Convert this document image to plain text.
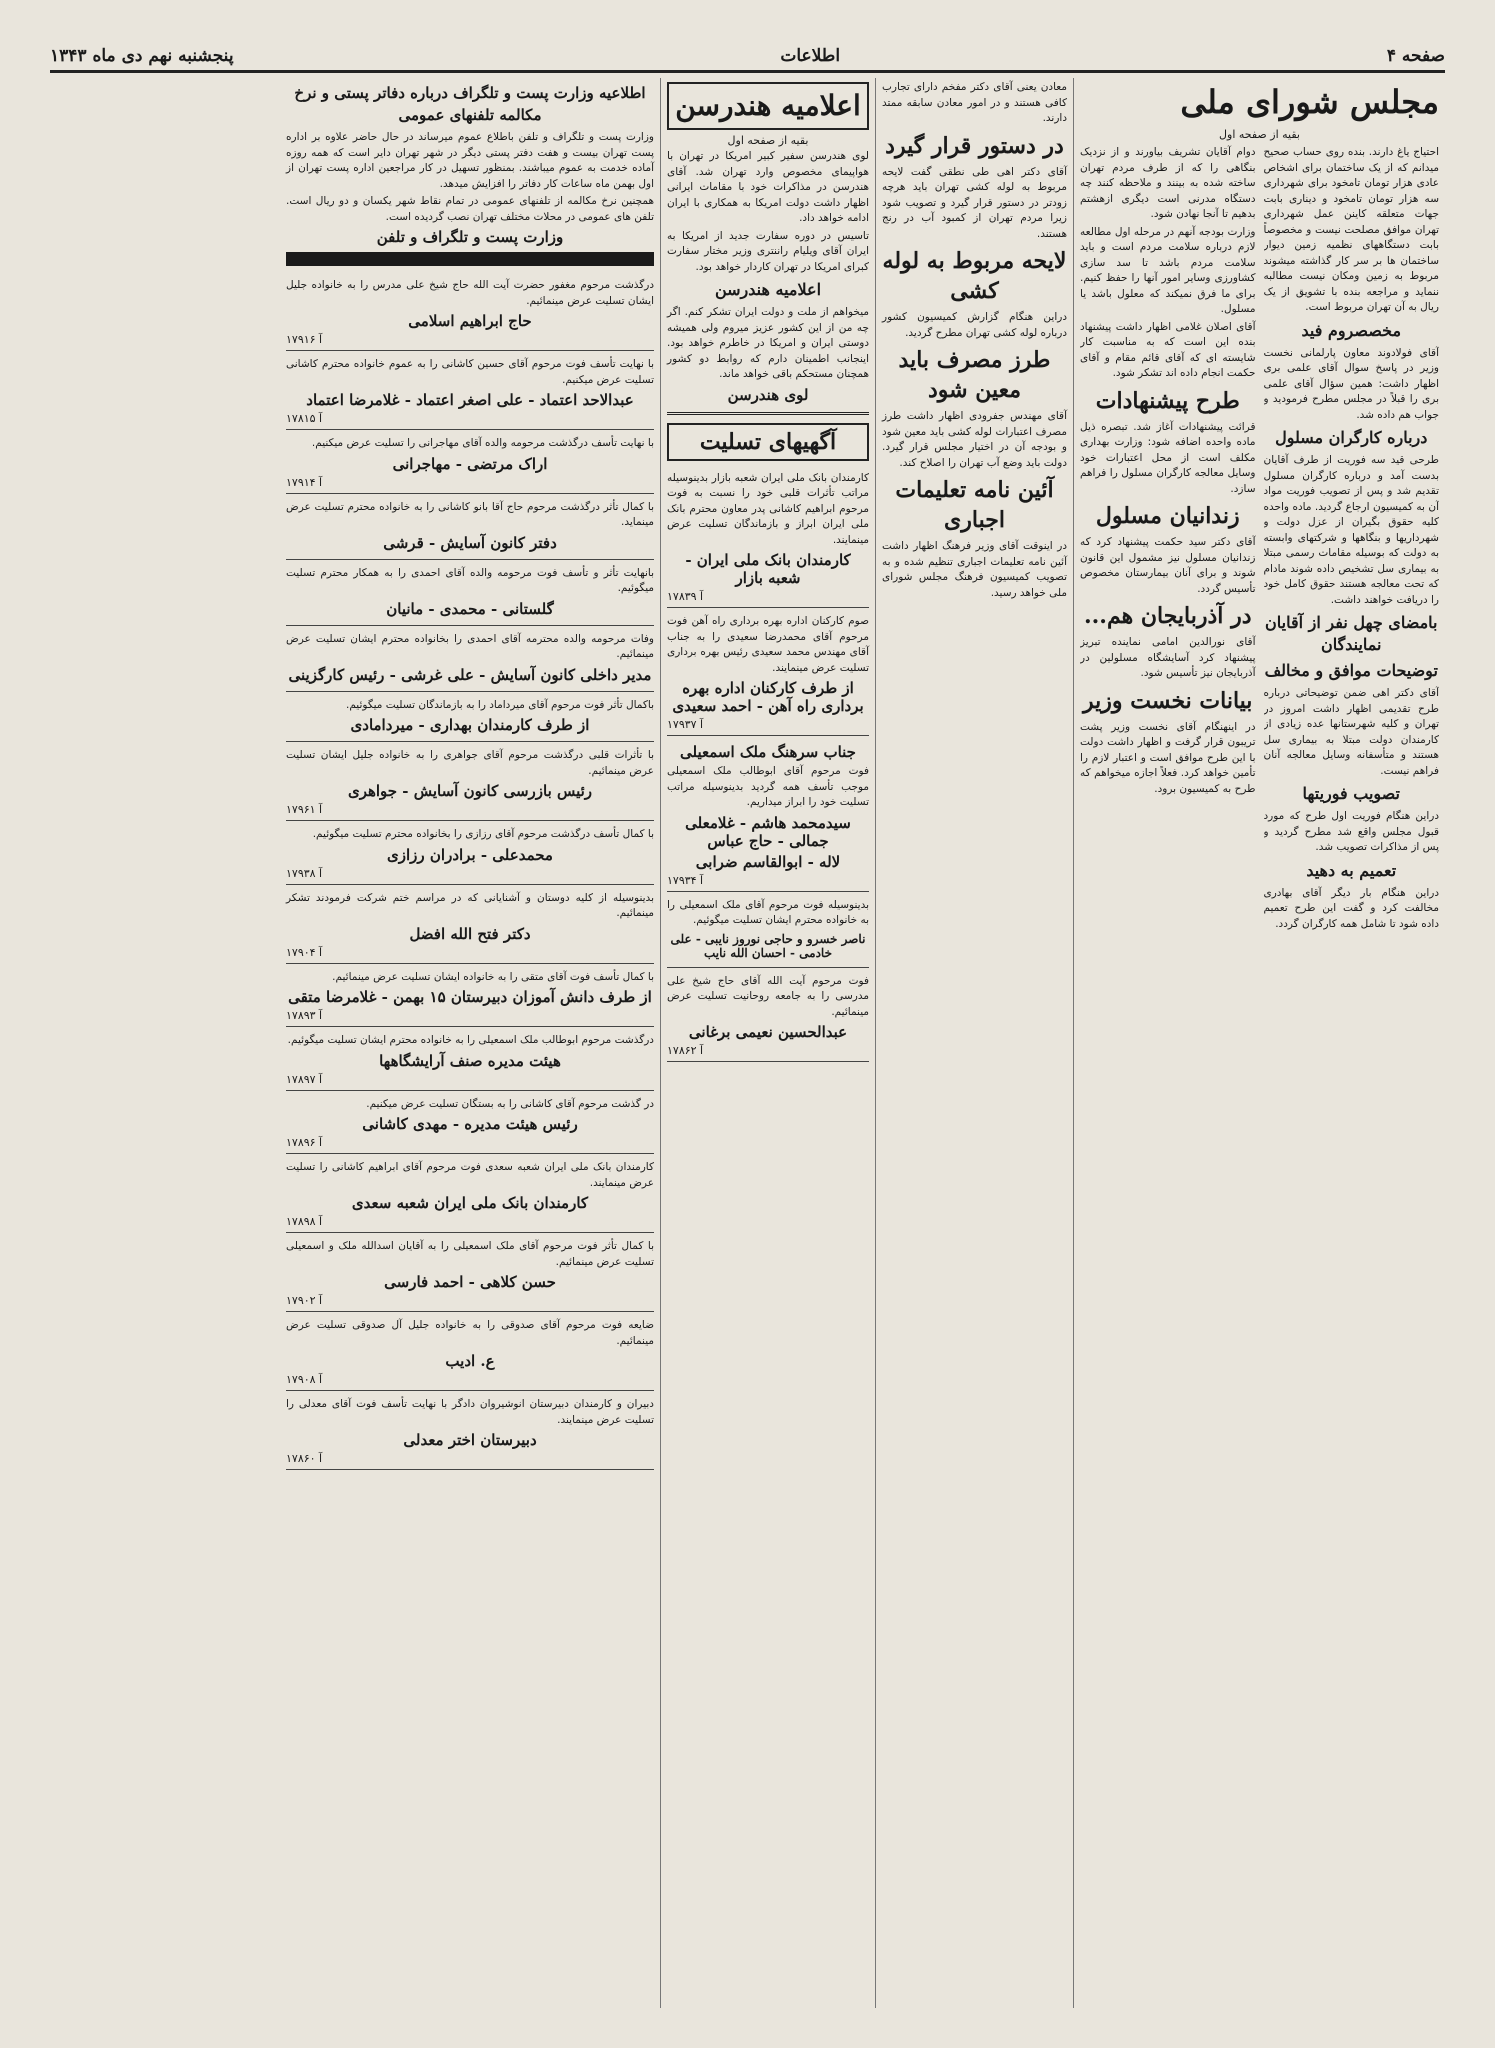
صفحه ۴
اطلاعات
پنجشنبه نهم دی ماه ۱۳۴۳
مجلس شورای ملی
بقیه از صفحه اول

احتیاج یاغ دارند. بنده روی حساب صحیح میدانم که از یک ساختمان برای اشخاص عادی هزار تومان تامخود برای شهرداری سه هزار تومان تامخود و دیناری بابت جهات متعلقه کاینن عمل شهرداری تهران موافق مصلحت نیست و مخصوصاً بابت دستگاههای نظمیه زمین دیوار ساختمان ها بر سر کار گذاشته میشوند مربوط به زمین ومکان نیست مطالبه ننماید و مراجعه بنده با تشویق از یک ریال به آن تهران مربوط است.

مخصصروم فید

آقای فولادوند معاون پارلمانی نخست وزیر در پاسخ سوال آقای علمی بری اظهار داشت: همین سؤال آقای علمی بری را قبلاً در مجلس مطرح فرمودید و جواب هم داده شد.

درباره کارگران مسلول

طرحی قید سه فوریت از طرف آقایان بدست آمد و درباره کارگران مسلول تقدیم شد و پس از تصویب فوریت مواد آن به کمیسیون ارجاع گردید. ماده واحده کلیه حقوق بگیران از عزل دولت و شهرداریها و بنگاهها و شرکتهای وابسته به دولت که بوسیله مقامات رسمی مبتلا به بیماری سل تشخیص داده شوند مادام که تحت معالجه هستند حقوق کامل خود را دریافت خواهند داشت.

بامضای چهل نفر از آقایان نمایندگان
توضیحات موافق و مخالف

آقای دکتر اهی ضمن توضیحاتی درباره طرح تقدیمی اظهار داشت امروز در تهران و کلیه شهرستانها عده زیادی از کارمندان دولت مبتلا به بیماری سل هستند و متأسفانه وسایل معالجه آنان فراهم نیست.

تصویب فوریتها

دراین هنگام فوریت اول طرح که مورد قبول مجلس واقع شد مطرح گردید و پس از مذاکرات تصویب شد.

تعمیم به دهید

دراین هنگام بار دیگر آقای بهادری مخالفت کرد و گفت این طرح تعمیم داده شود تا شامل همه کارگران گردد.

دوام آقایان تشریف بیاورند و از نزدیک بنگاهی را که از طرف مردم تهران ساخته شده به بینند و ملاحظه کنند چه دستگاه مدرنی است دیگری ازهشتم بدهیم تا آنجا نهادن شود.

وزارت بودجه آنهم در مرحله اول مطالعه لازم درباره سلامت مردم است و باید سلامت مردم باشد تا سد سازی کشاورزی وسایر امور آنها را حفظ کنیم. برای ما فرق نمیکند که معلول باشد یا مسلول.

آقای اصلان غلامی اظهار داشت پیشنهاد بنده این است که به مناسبت کار شایسته ای که آقای قائم مقام و آقای حکمت انجام داده اند تشکر شود.

طرح پیشنهادات

قرائت پیشنهادات آغاز شد. تبصره ذیل ماده واحده اضافه شود: وزارت بهداری مکلف است از محل اعتبارات خود وسایل معالجه کارگران مسلول را فراهم سازد.

زندانیان مسلول

آقای دکتر سید حکمت پیشنهاد کرد که زندانیان مسلول نیز مشمول این قانون شوند و برای آنان بیمارستان مخصوص تأسیس گردد.

در آذربایجان هم...

آقای نورالدین امامی نماینده تبریز پیشنهاد کرد آسایشگاه مسلولین در آذربایجان نیز تأسیس شود.

بیانات نخست وزیر

در اینهنگام آقای نخست وزیر پشت تریبون قرار گرفت و اظهار داشت دولت با این طرح موافق است و اعتبار لازم را تأمین خواهد کرد. فعلاً اجازه میخواهم که طرح به کمیسیون برود.

معادن یعنی آقای دکتر مفخم دارای تجارب کافی هستند و در امور معادن سابقه ممتد دارند.

در دستور قرار گیرد

آقای دکتر اهی طی نطقی گفت لایحه مربوط به لوله کشی تهران باید هرچه زودتر در دستور قرار گیرد و تصویب شود زیرا مردم تهران از کمبود آب در رنج هستند.

لایحه مربوط به لوله کشی

دراین هنگام گزارش کمیسیون کشور درباره لوله کشی تهران مطرح گردید.

طرز مصرف باید معین شود

آقای مهندس جفرودی اظهار داشت طرز مصرف اعتبارات لوله کشی باید معین شود و بودجه آن در اختیار مجلس قرار گیرد. دولت باید وضع آب تهران را اصلاح کند.

آئین نامه تعلیمات اجباری

در اینوقت آقای وزیر فرهنگ اظهار داشت آئین نامه تعلیمات اجباری تنظیم شده و به تصویب کمیسیون فرهنگ مجلس شورای ملی خواهد رسید.

اعلامیه هندرسن
بقیه از صفحه اول

لوی هندرسن سفیر کبیر امریکا در تهران با هواپیمای مخصوص وارد تهران شد. آقای هندرسن در مذاکرات خود با مقامات ایرانی اظهار داشت دولت امریکا به همکاری با ایران ادامه خواهد داد.

تاسیس در دوره سفارت جدید از امریکا به ایران آقای ویلیام راننتری وزیر مختار سفارت کبرای امریکا در تهران کاردار خواهد بود.

اعلامیه هندرسن

میخواهم از ملت و دولت ایران تشکر کنم. اگر چه من از این کشور عزیز میروم ولی همیشه دوستی ایران و امریکا در خاطرم خواهد بود. اینجانب اطمینان دارم که روابط دو کشور همچنان مستحکم باقی خواهد ماند.

لوی هندرسن
آگهیهای تسلیت

کارمندان بانک ملی ایران شعبه بازار بدینوسیله مراتب تأثرات قلبی خود را نسبت به فوت مرحوم ابراهیم کاشانی پدر معاون محترم بانک ملی ایران ابراز و بازماندگان تسلیت عرض مینمایند.

کارمندان بانک ملی ایران - شعبه بازار
۱۷۸۳۹ آ

صوم کارکنان اداره بهره برداری راه آهن فوت مرحوم آقای محمدرضا سعیدی را به جناب آقای مهندس محمد سعیدی رئیس بهره برداری تسلیت عرض مینمایند.

از طرف کارکنان اداره بهره برداری راه آهن - احمد سعیدی
۱۷۹۳۷ آ
جناب سرهنگ ملک اسمعیلی

فوت مرحوم آقای ابوطالب ملک اسمعیلی موجب تأسف همه گردید بدینوسیله مراتب تسلیت خود را ابراز میداریم.

سیدمحمد هاشم - غلامعلی جمالی - حاج عباس
لاله - ابوالقاسم ضرابی
۱۷۹۳۴ آ

بدینوسیله فوت مرحوم آقای ملک اسمعیلی را به خانواده محترم ایشان تسلیت میگوئیم.

ناصر خسرو و حاجی نوروز نایبی - علی خادمی - احسان الله نایب

فوت مرحوم آیت الله آقای حاج شیخ علی مدرسی را به جامعه روحانیت تسلیت عرض مینمائیم.

عبدالحسین نعیمی برغانی
۱۷۸۶۲ آ
اطلاعیه وزارت پست و تلگراف درباره دفاتر پستی و نرخ مکالمه تلفنهای عمومی

وزارت پست و تلگراف و تلفن باطلاع عموم میرساند در حال حاضر علاوه بر اداره پست تهران بیست و هفت دفتر پستی دیگر در شهر تهران دایر است که همه روزه آماده خدمت به عموم میباشند. بمنظور تسهیل در کار مراجعین اداره پست تهران از اول بهمن ماه ساعات کار دفاتر را افزایش میدهد.

همچنین نرخ مکالمه از تلفنهای عمومی در تمام نقاط شهر یکسان و دو ریال است. تلفن های عمومی در محلات مختلف تهران نصب گردیده است.

وزارت پست و تلگراف و تلفن

درگذشت مرحوم مغفور حضرت آیت الله حاج شیخ علی مدرس را به خانواده جلیل ایشان تسلیت عرض مینمائیم.

حاج ابراهیم اسلامی
۱۷۹۱۶ آ

با نهایت تأسف فوت مرحوم آقای حسین کاشانی را به عموم خانواده محترم کاشانی تسلیت عرض میکنیم.

عبدالاحد اعتماد - علی اصغر اعتماد - غلامرضا اعتماد
۱۷۸۱۵ آ

با نهایت تأسف درگذشت مرحومه والده آقای مهاجرانی را تسلیت عرض میکنیم.

اراک مرتضی - مهاجرانی
۱۷۹۱۴ آ

با کمال تأثر درگذشت مرحوم حاج آقا بانو کاشانی را به خانواده محترم تسلیت عرض مینماید.

دفتر کانون آسایش - قرشی

بانهایت تأثر و تأسف فوت مرحومه والده آقای احمدی را به همکار محترم تسلیت میگوئیم.

گلستانی - محمدی - مانیان

وفات مرحومه والده محترمه آقای احمدی را بخانواده محترم ایشان تسلیت عرض مینمائیم.

مدیر داخلی کانون آسایش - علی غرشی - رئیس کارگزینی

باکمال تأثر فوت مرحوم آقای میرداماد را به بازماندگان تسلیت میگوئیم.

از طرف کارمندان بهداری - میردامادی

با تأثرات قلبی درگذشت مرحوم آقای جواهری را به خانواده جلیل ایشان تسلیت عرض مینمائیم.

رئیس بازرسی کانون آسایش - جواهری
۱۷۹۶۱ آ

با کمال تأسف درگذشت مرحوم آقای رزازی را بخانواده محترم تسلیت میگوئیم.

محمدعلی - برادران رزازی
۱۷۹۳۸ آ

بدینوسیله از کلیه دوستان و آشنایانی که در مراسم ختم شرکت فرمودند تشکر مینمائیم.

دکتر فتح الله افضل
۱۷۹۰۴ آ

با کمال تأسف فوت آقای متقی را به خانواده ایشان تسلیت عرض مینمائیم.

از طرف دانش آموزان دبیرستان ۱۵ بهمن - غلامرضا متقی
۱۷۸۹۳ آ

درگذشت مرحوم ابوطالب ملک اسمعیلی را به خانواده محترم ایشان تسلیت میگوئیم.

هیئت مدیره صنف آرایشگاهها
۱۷۸۹۷ آ

در گذشت مرحوم آقای کاشانی را به بستگان تسلیت عرض میکنیم.

رئیس هیئت مدیره - مهدی کاشانی
۱۷۸۹۶ آ

کارمندان بانک ملی ایران شعبه سعدی فوت مرحوم آقای ابراهیم کاشانی را تسلیت عرض مینمایند.

کارمندان بانک ملی ایران شعبه سعدی
۱۷۸۹۸ آ

با کمال تأثر فوت مرحوم آقای ملک اسمعیلی را به آقایان اسدالله ملک و اسمعیلی تسلیت عرض مینمائیم.

حسن کلاهی - احمد فارسی
۱۷۹۰۲ آ

ضایعه فوت مرحوم آقای صدوقی را به خانواده جلیل آل صدوقی تسلیت عرض مینمائیم.

ع. ادیب
۱۷۹۰۸ آ

دبیران و کارمندان دبیرستان انوشیروان دادگر با نهایت تأسف فوت آقای معدلی را تسلیت عرض مینمایند.

دبیرستان اختر معدلی
۱۷۸۶۰ آ
